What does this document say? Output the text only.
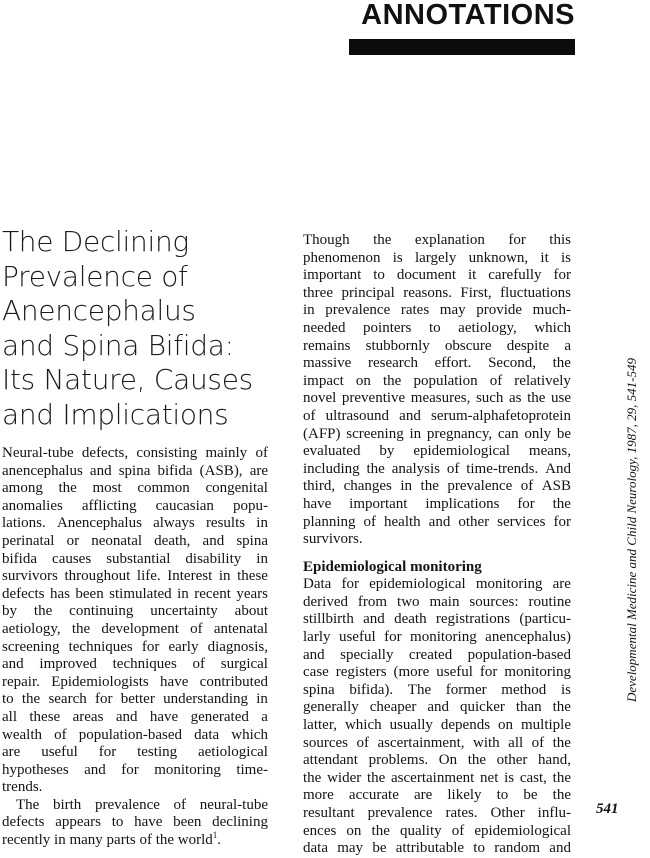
ANNOTATIONS
The Declining
Prevalence of
Anencephalus
and Spina Bifida:
Its Nature, Causes
and Implications
Neural-tube defects, consisting mainly of
anencephalus and spina bifida (ASB), are
among the most common congenital
anomalies afflicting caucasian popu-
lations. Anencephalus always results in
perinatal or neonatal death, and spina
bifida causes substantial disability in
survivors throughout life. Interest in these
defects has been stimulated in recent years
by the continuing uncertainty about
aetiology, the development of antenatal
screening techniques for early diagnosis,
and improved techniques of surgical
repair. Epidemiologists have contributed
to the search for better understanding in
all these areas and have generated a
wealth of population-based data which
are useful for testing aetiological
hypotheses and for monitoring time-
trends.
The birth prevalence of neural-tube
defects appears to have been declining
recently in many parts of the world$^1$.
Though the explanation for this
phenomenon is largely unknown, it is
important to document it carefully for
three principal reasons. First, fluctuations
in prevalence rates may provide much-
needed pointers to aetiology, which
remains stubbornly obscure despite a
massive research effort. Second, the
impact on the population of relatively
novel preventive measures, such as the use
of ultrasound and serum-alphafetoprotein
(AFP) screening in pregnancy, can only be
evaluated by epidemiological means,
including the analysis of time-trends. And
third, changes in the prevalence of ASB
have important implications for the
planning of health and other services for
survivors.
Epidemiological monitoring
Data for epidemiological monitoring are
derived from two main sources: routine
stillbirth and death registrations (particu-
larly useful for monitoring anencephalus)
and specially created population-based
case registers (more useful for monitoring
spina bifida). The former method is
generally cheaper and quicker than the
latter, which usually depends on multiple
sources of ascertainment, with all of the
attendant problems. On the other hand,
the wider the ascertainment net is cast, the
more accurate are likely to be the
resultant prevalence rates. Other influ-
ences on the quality of epidemiological
data may be attributable to random and
Developmental Medicine and Child Neurology, 1987, 29, 541-549
541
